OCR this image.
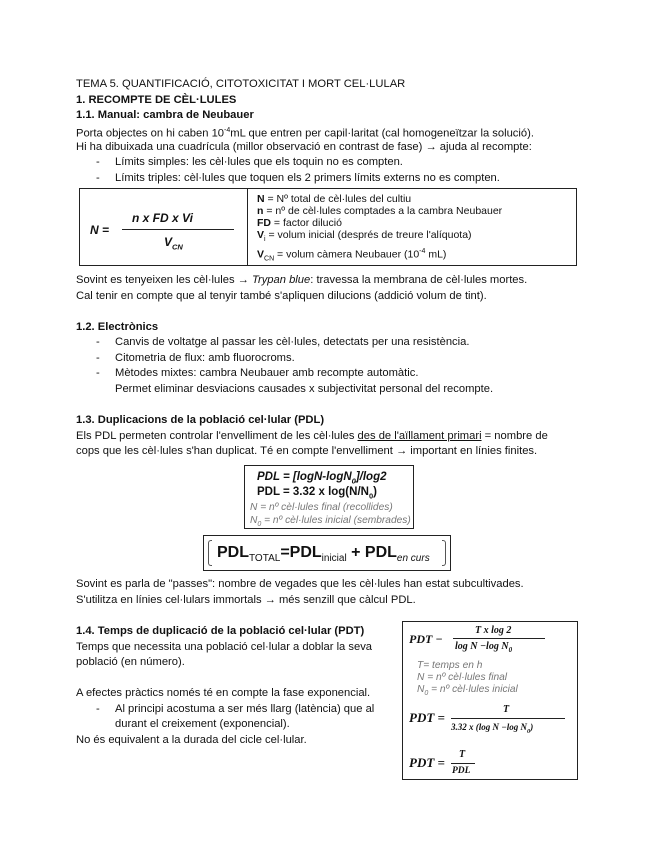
TEMA 5. QUANTIFICACIÓ, CITOTOXICITAT I MORT CEL·LULAR
1. RECOMPTE DE CÈL·LULES
1.1. Manual: cambra de Neubauer
Porta objectes on hi caben $10^{-4}mL$ que entren per capil·laritat (cal homogeneïtzar la solució).
Hi ha dibuixada una cuadrícula (millor observació en contrast de fase) → ajuda al recompte:
- Límits simples: les cèl·lules que els toquin no es compten.
- Límits triples: cèl·lules que toquen els 2 primers límits externs no es compten.
N =
n x FD x Vi
$V_{CN}$
N = Nº total de cèl·lules del cultiu
n = nº de cèl·lules comptades a la cambra Neubauer
FD = factor dilució
$V_i$ = volum inicial (després de treure l'alíquota)
$V_{CN}$ = volum càmera Neubauer ($10^{-4}$ mL)
Sovint es tenyeixen les cèl·lules → Trypan blue: travessa la membrana de cèl·lules mortes.
Cal tenir en compte que al tenyir també s'apliquen dilucions (addició volum de tint).
1.2. Electrònics
- Canvis de voltatge al passar les cèl·lules, detectats per una resistència.
- Citometria de flux: amb fluorocroms.
- Mètodes mixtes: cambra Neubauer amb recompte automàtic.
Permet eliminar desviacions causades x subjectivitat personal del recompte.
1.3. Duplicacions de la població cel·lular (PDL)
Els PDL permeten controlar l'envelliment de les cèl·lules des de l'aïllament primari = nombre de
cops que les cèl·lules s'han duplicat. Té en compte l'envelliment → important en línies finites.
PDL = [logN-logN$_0$]/log2
PDL = 3.32 x $\log(N/N_0)$
N = nº cèl·lules final (recollides)
$N_0$ = nº cèl·lules inicial (sembrades)
$PDL_{TOTAL}=PDL_{inicial} + PDL_{en curs}$
Sovint es parla de "passes": nombre de vegades que les cèl·lules han estat subcultivades.
S'utilitza en línies cel·lulars immortals → més senzill que càlcul PDL.
1.4. Temps de duplicació de la població cel·lular (PDT)
Temps que necessita una població cel·lular a doblar la seva
població (en número).
A efectes pràctics només té en compte la fase exponencial.
- Al principi acostuma a ser més llarg (latència) que al
durant el creixement (exponencial).
No és equivalent a la durada del cicle cel·lular.
PDT −
T x log 2
log N −log $N_0$
T= temps en h
N = nº cèl·lules final
$N_0$ = nº cèl·lules inicial
PDT =
T
3.32 x (log N −log $N_0$)
PDT =
T
PDL
